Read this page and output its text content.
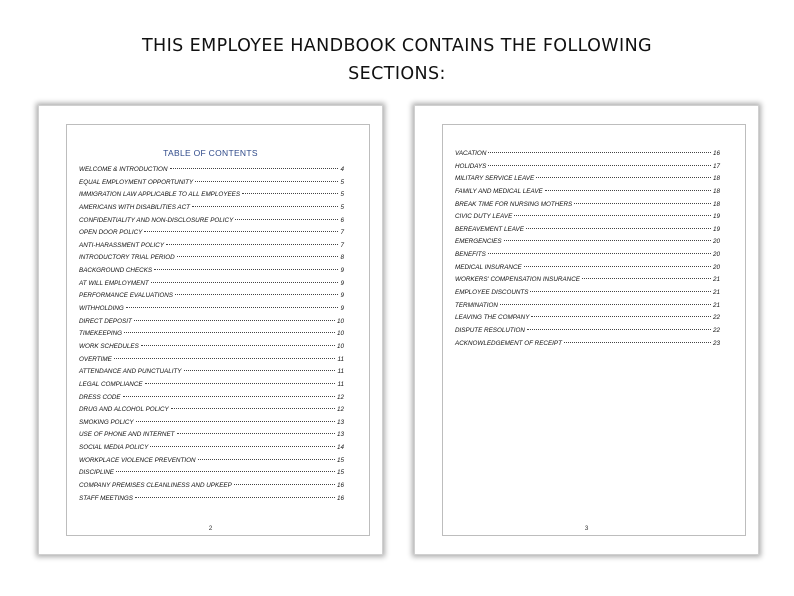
THIS EMPLOYEE HANDBOOK CONTAINS THE FOLLOWING
SECTIONS:
TABLE OF CONTENTS
WELCOME & INTRODUCTION	4
EQUAL EMPLOYMENT OPPORTUNITY	5
IMMIGRATION LAW APPLICABLE TO ALL EMPLOYEES	5
AMERICANS WITH DISABILITIES ACT	5
CONFIDENTIALITY AND NON-DISCLOSURE POLICY	6
OPEN DOOR POLICY	7
ANTI-HARASSMENT POLICY	7
INTRODUCTORY TRIAL PERIOD	8
BACKGROUND CHECKS	9
AT WILL EMPLOYMENT	9
PERFORMANCE EVALUATIONS	9
WITHHOLDING	9
DIRECT DEPOSIT	10
TIMEKEEPING	10
WORK SCHEDULES	10
OVERTIME	11
ATTENDANCE AND PUNCTUALITY	11
LEGAL COMPLIANCE	11
DRESS CODE	12
DRUG AND ALCOHOL POLICY	12
SMOKING POLICY	13
USE OF PHONE AND INTERNET	13
SOCIAL MEDIA POLICY	14
WORKPLACE VIOLENCE PREVENTION	15
DISCIPLINE	15
COMPANY PREMISES CLEANLINESS AND UPKEEP	16
STAFF MEETINGS	16
2
VACATION	16
HOLIDAYS	17
MILITARY SERVICE LEAVE	18
FAMILY AND MEDICAL LEAVE	18
BREAK TIME FOR NURSING MOTHERS	18
CIVIC DUTY LEAVE	19
BEREAVEMENT LEAVE	19
EMERGENCIES	20
BENEFITS	20
MEDICAL INSURANCE	20
WORKERS' COMPENSATION INSURANCE	21
EMPLOYEE DISCOUNTS	21
TERMINATION	21
LEAVING THE COMPANY	22
DISPUTE RESOLUTION	22
ACKNOWLEDGEMENT OF RECEIPT	23
3
